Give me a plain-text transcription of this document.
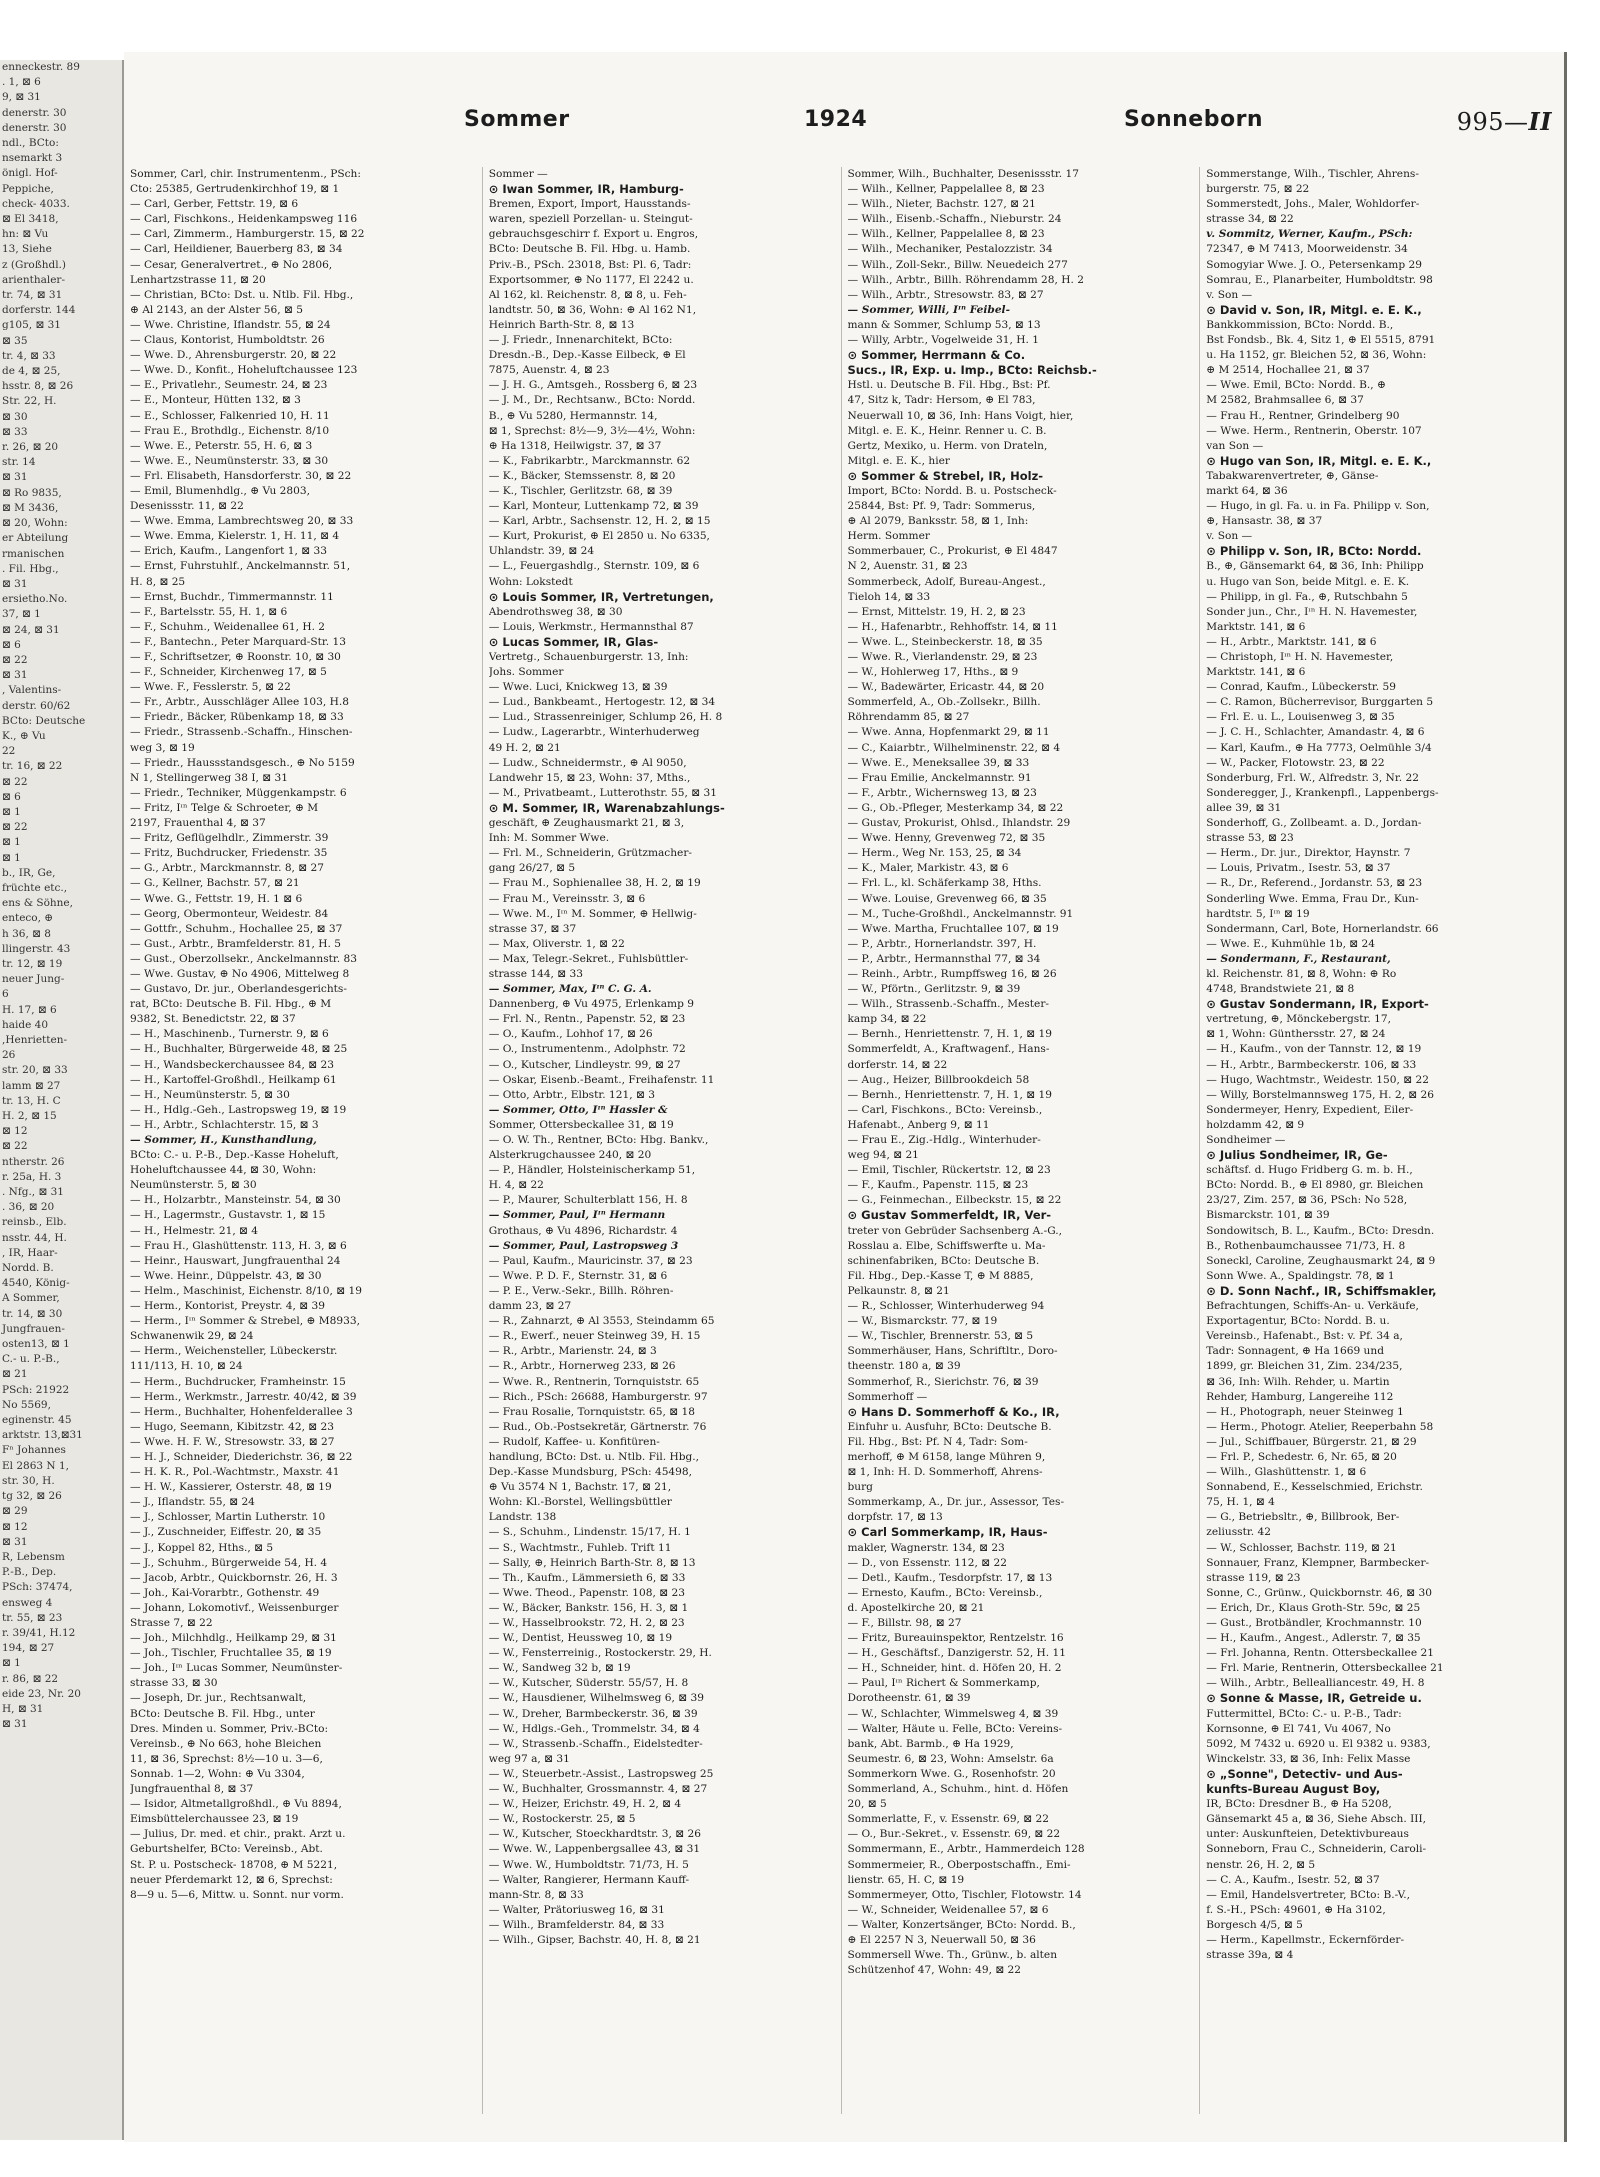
enneckestr. 89
. 1, ⊠ 6
9, ⊠ 31
denerstr. 30
denerstr. 30
ndl., BCto:
nsemarkt 3
önigl. Hof-
Peppiche,
check- 4033.
⊠ El 3418,
hn: ⊠ Vu
13, Siehe
z (Großhdl.)
arienthaler-
tr. 74, ⊠ 31
dorferstr. 144
g105, ⊠ 31
⊠ 35
tr. 4, ⊠ 33
de 4, ⊠ 25,
hsstr. 8, ⊠ 26
Str. 22, H.
⊠ 30
⊠ 33
r. 26, ⊠ 20
str. 14
⊠ 31
⊠ Ro 9835,
⊠ M 3436,
⊠ 20, Wohn:
er Abteilung
rmanischen
. Fil. Hbg.,
⊠ 31
ersietho.No.
37, ⊠ 1
⊠ 24, ⊠ 31
⊠ 6
⊠ 22
⊠ 31
, Valentins-
derstr. 60/62
BCto: Deutsche
K., ⊕ Vu
22
tr. 16, ⊠ 22
⊠ 22
⊠ 6
⊠ 1
⊠ 22
⊠ 1
⊠ 1
b., IR, Ge,
früchte etc.,
ens & Söhne,
enteco, ⊕
h 36, ⊠ 8
llingerstr. 43
tr. 12, ⊠ 19
neuer Jung-
6
H. 17, ⊠ 6
haide 40
,Henrietten-
26
str. 20, ⊠ 33
lamm ⊠ 27
tr. 13, H. C
H. 2, ⊠ 15
⊠ 12
⊠ 22
ntherstr. 26
r. 25a, H. 3
. Nfg., ⊠ 31
. 36, ⊠ 20
reinsb., Elb.
nsstr. 44, H.
, IR, Haar-
Nordd. B.
4540, König-
A Sommer,
tr. 14, ⊠ 30
Jungfrauen-
osten13, ⊠ 1
C.- u. P.-B.,
⊠ 21
PSch: 21922
No 5569,
eginenstr. 45
arktstr. 13,⊠31
Fⁿ Johannes
El 2863 N 1,
str. 30, H.
tg 32, ⊠ 26
⊠ 29
⊠ 12
⊠ 31
R, Lebensm
P.-B., Dep.
PSch: 37474,
ensweg 4
tr. 55, ⊠ 23
r. 39/41, H.12
194, ⊠ 27
⊠ 1
r. 86, ⊠ 22
eide 23, Nr. 20
H, ⊠ 31
⊠ 31
Sommer	1924	Sonneborn	995—II
Sommer, Carl, chir. Instrumentenm., PSch:
Cto: 25385, Gertrudenkirchhof 19, ⊠ 1
— Carl, Gerber, Fettstr. 19, ⊠ 6
— Carl, Fischkons., Heidenkampsweg 116
— Carl, Zimmerm., Hamburgerstr. 15, ⊠ 22
— Carl, Heildiener, Bauerberg 83, ⊠ 34
— Cesar, Generalvertret., ⊕ No 2806,
Lenhartzstrasse 11, ⊠ 20
— Christian, BCto: Dst. u. Ntlb. Fil. Hbg.,
⊕ Al 2143, an der Alster 56, ⊠ 5
— Wwe. Christine, Iflandstr. 55, ⊠ 24
— Claus, Kontorist, Humboldtstr. 26
— Wwe. D., Ahrensburgerstr. 20, ⊠ 22
— Wwe. D., Konfit., Hoheluftchaussee 123
— E., Privatlehr., Seumestr. 24, ⊠ 23
— E., Monteur, Hütten 132, ⊠ 3
— E., Schlosser, Falkenried 10, H. 11
— Frau E., Brothdlg., Eichenstr. 8/10
— Wwe. E., Peterstr. 55, H. 6, ⊠ 3
— Wwe. E., Neumünsterstr. 33, ⊠ 30
— Frl. Elisabeth, Hansdorferstr. 30, ⊠ 22
— Emil, Blumenhdlg., ⊕ Vu 2803,
Desenissstr. 11, ⊠ 22
— Wwe. Emma, Lambrechtsweg 20, ⊠ 33
— Wwe. Emma, Kielerstr. 1, H. 11, ⊠ 4
— Erich, Kaufm., Langenfort 1, ⊠ 33
— Ernst, Fuhrstuhlf., Anckelmannstr. 51,
H. 8, ⊠ 25
— Ernst, Buchdr., Timmermannstr. 11
— F., Bartelsstr. 55, H. 1, ⊠ 6
— F., Schuhm., Weidenallee 61, H. 2
— F., Bantechn., Peter Marquard-Str. 13
— F., Schriftsetzer, ⊕ Roonstr. 10, ⊠ 30
— F., Schneider, Kirchenweg 17, ⊠ 5
— Wwe. F., Fesslerstr. 5, ⊠ 22
— Fr., Arbtr., Ausschläger Allee 103, H.8
— Friedr., Bäcker, Rübenkamp 18, ⊠ 33
— Friedr., Strassenb.-Schaffn., Hinschen-
weg 3, ⊠ 19
— Friedr., Haussstandsgesch., ⊕ No 5159
N 1, Stellingerweg 38 I, ⊠ 31
— Friedr., Techniker, Müggenkampstr. 6
— Fritz, Iᶦⁿ Telge & Schroeter, ⊕ M
2197, Frauenthal 4, ⊠ 37
— Fritz, Geflügelhdlr., Zimmerstr. 39
— Fritz, Buchdrucker, Friedenstr. 35
— G., Arbtr., Marckmannstr. 8, ⊠ 27
— G., Kellner, Bachstr. 57, ⊠ 21
— Wwe. G., Fettstr. 19, H. 1 ⊠ 6
— Georg, Obermonteur, Weidestr. 84
— Gottfr., Schuhm., Hochallee 25, ⊠ 37
— Gust., Arbtr., Bramfelderstr. 81, H. 5
— Gust., Oberzollsekr., Anckelmannstr. 83
— Wwe. Gustav, ⊕ No 4906, Mittelweg 8
— Gustavo, Dr. jur., Oberlandesgerichts-
rat, BCto: Deutsche B. Fil. Hbg., ⊕ M
9382, St. Benedictstr. 22, ⊠ 37
— H., Maschinenb., Turnerstr. 9, ⊠ 6
— H., Buchhalter, Bürgerweide 48, ⊠ 25
— H., Wandsbeckerchaussee 84, ⊠ 23
— H., Kartoffel-Großhdl., Heilkamp 61
— H., Neumünsterstr. 5, ⊠ 30
— H., Hdlg.-Geh., Lastropsweg 19, ⊠ 19
— H., Arbtr., Schlachterstr. 15, ⊠ 3
— Sommer, H., Kunsthandlung,
BCto: C.- u. P.-B., Dep.-Kasse Hoheluft,
Hoheluftchaussee 44, ⊠ 30, Wohn:
Neumünsterstr. 5, ⊠ 30
— H., Holzarbtr., Mansteinstr. 54, ⊠ 30
— H., Lagermstr., Gustavstr. 1, ⊠ 15
— H., Helmestr. 21, ⊠ 4
— Frau H., Glashüttenstr. 113, H. 3, ⊠ 6
— Heinr., Hauswart, Jungfrauenthal 24
— Wwe. Heinr., Düppelstr. 43, ⊠ 30
— Helm., Maschinist, Eichenstr. 8/10, ⊠ 19
— Herm., Kontorist, Preystr. 4, ⊠ 39
— Herm., Iᶦⁿ Sommer & Strebel, ⊕ M8933,
Schwanenwik 29, ⊠ 24
— Herm., Weichensteller, Lübeckerstr.
111/113, H. 10, ⊠ 24
— Herm., Buchdrucker, Framheinstr. 15
— Herm., Werkmstr., Jarrestr. 40/42, ⊠ 39
— Herm., Buchhalter, Hohenfelderallee 3
— Hugo, Seemann, Kibitzstr. 42, ⊠ 23
— Wwe. H. F. W., Stresowstr. 33, ⊠ 27
— H. J., Schneider, Diederichstr. 36, ⊠ 22
— H. K. R., Pol.-Wachtmstr., Maxstr. 41
— H. W., Kassierer, Osterstr. 48, ⊠ 19
— J., Iflandstr. 55, ⊠ 24
— J., Schlosser, Martin Lutherstr. 10
— J., Zuschneider, Eiffestr. 20, ⊠ 35
— J., Koppel 82, Hths., ⊠ 5
— J., Schuhm., Bürgerweide 54, H. 4
— Jacob, Arbtr., Quickbornstr. 26, H. 3
— Joh., Kai-Vorarbtr., Gothenstr. 49
— Johann, Lokomotivf., Weissenburger
Strasse 7, ⊠ 22
— Joh., Milchhdlg., Heilkamp 29, ⊠ 31
— Joh., Tischler, Fruchtallee 35, ⊠ 19
— Joh., Iᶦⁿ Lucas Sommer, Neumünster-
strasse 33, ⊠ 30
— Joseph, Dr. jur., Rechtsanwalt,
BCto: Deutsche B. Fil. Hbg., unter
Dres. Minden u. Sommer, Priv.-BCto:
Vereinsb., ⊕ No 663, hohe Bleichen
11, ⊠ 36, Sprechst: 8½—10 u. 3—6,
Sonnab. 1—2, Wohn: ⊕ Vu 3304,
Jungfrauenthal 8, ⊠ 37
— Isidor, Altmetallgroßhdl., ⊕ Vu 8894,
Eimsbüttelerchaussee 23, ⊠ 19
— Julius, Dr. med. et chir., prakt. Arzt u.
Geburtshelfer, BCto: Vereinsb., Abt.
St. P. u. Postscheck- 18708, ⊕ M 5221,
neuer Pferdemarkt 12, ⊠ 6, Sprechst:
8—9 u. 5—6, Mittw. u. Sonnt. nur vorm.
Sommer —
⊙ Iwan Sommer, IR, Hamburg-
Bremen, Export, Import, Hausstands-
waren, speziell Porzellan- u. Steingut-
gebrauchsgeschirr f. Export u. Engros,
BCto: Deutsche B. Fil. Hbg. u. Hamb.
Priv.-B., PSch. 23018, Bst: Pl. 6, Tadr:
Exportsommer, ⊕ No 1177, El 2242 u.
Al 162, kl. Reichenstr. 8, ⊠ 8, u. Feh-
landtstr. 50, ⊠ 36, Wohn: ⊕ Al 162 N1,
Heinrich Barth-Str. 8, ⊠ 13
— J. Friedr., Innenarchitekt, BCto:
Dresdn.-B., Dep.-Kasse Eilbeck, ⊕ El
7875, Auenstr. 4, ⊠ 23
— J. H. G., Amtsgeh., Rossberg 6, ⊠ 23
— J. M., Dr., Rechtsanw., BCto: Nordd.
B., ⊕ Vu 5280, Hermannstr. 14,
⊠ 1, Sprechst: 8½—9, 3½—4½, Wohn:
⊕ Ha 1318, Heilwigstr. 37, ⊠ 37
— K., Fabrikarbtr., Marckmannstr. 62
— K., Bäcker, Stemssenstr. 8, ⊠ 20
— K., Tischler, Gerlitzstr. 68, ⊠ 39
— Karl, Monteur, Luttenkamp 72, ⊠ 39
— Karl, Arbtr., Sachsenstr. 12, H. 2, ⊠ 15
— Kurt, Prokurist, ⊕ El 2850 u. No 6335,
Uhlandstr. 39, ⊠ 24
— L., Feuergashdlg., Sternstr. 109, ⊠ 6
Wohn: Lokstedt
⊙ Louis Sommer, IR, Vertretungen,
Abendrothsweg 38, ⊠ 30
— Louis, Werkmstr., Hermannsthal 87
⊙ Lucas Sommer, IR, Glas-
Vertretg., Schauenburgerstr. 13, Inh:
Johs. Sommer
— Wwe. Luci, Knickweg 13, ⊠ 39
— Lud., Bankbeamt., Hertogestr. 12, ⊠ 34
— Lud., Strassenreiniger, Schlump 26, H. 8
— Ludw., Lagerarbtr., Winterhuderweg
49 H. 2, ⊠ 21
— Ludw., Schneidermstr., ⊕ Al 9050,
Landwehr 15, ⊠ 23, Wohn: 37, Mths.,
— M., Privatbeamt., Lutterothstr. 55, ⊠ 31
⊙ M. Sommer, IR, Warenabzahlungs-
geschäft, ⊕ Zeughausmarkt 21, ⊠ 3,
Inh: M. Sommer Wwe.
— Frl. M., Schneiderin, Grützmacher-
gang 26/27, ⊠ 5
— Frau M., Sophienallee 38, H. 2, ⊠ 19
— Frau M., Vereinsstr. 3, ⊠ 6
— Wwe. M., Iᶦⁿ M. Sommer, ⊕ Hellwig-
strasse 37, ⊠ 37
— Max, Oliverstr. 1, ⊠ 22
— Max, Telegr.-Sekret., Fuhlsbüttler-
strasse 144, ⊠ 33
— Sommer, Max, Iᶦⁿ C. G. A.
Dannenberg, ⊕ Vu 4975, Erlenkamp 9
— Frl. N., Rentn., Papenstr. 52, ⊠ 23
— O., Kaufm., Lohhof 17, ⊠ 26
— O., Instrumentenm., Adolphstr. 72
— O., Kutscher, Lindleystr. 99, ⊠ 27
— Oskar, Eisenb.-Beamt., Freihafenstr. 11
— Otto, Arbtr., Elbstr. 121, ⊠ 3
— Sommer, Otto, Iᶦⁿ Hassler &
Sommer, Ottersbeckallee 31, ⊠ 19
— O. W. Th., Rentner, BCto: Hbg. Bankv.,
Alsterkrugchaussee 240, ⊠ 20
— P., Händler, Holsteinischerkamp 51,
H. 4, ⊠ 22
— P., Maurer, Schulterblatt 156, H. 8
— Sommer, Paul, Iᶦⁿ Hermann
Grothaus, ⊕ Vu 4896, Richardstr. 4
— Sommer, Paul, Lastropsweg 3
— Paul, Kaufm., Mauricinstr. 37, ⊠ 23
— Wwe. P. D. F., Sternstr. 31, ⊠ 6
— P. E., Verw.-Sekr., Billh. Röhren-
damm 23, ⊠ 27
— R., Zahnarzt, ⊕ Al 3553, Steindamm 65
— R., Ewerf., neuer Steinweg 39, H. 15
— R., Arbtr., Marienstr. 24, ⊠ 3
— R., Arbtr., Hornerweg 233, ⊠ 26
— Wwe. R., Rentnerin, Tornquiststr. 65
— Rich., PSch: 26688, Hamburgerstr. 97
— Frau Rosalie, Tornquiststr. 65, ⊠ 18
— Rud., Ob.-Postsekretär, Gärtnerstr. 76
— Rudolf, Kaffee- u. Konfitüren-
handlung, BCto: Dst. u. Ntlb. Fil. Hbg.,
Dep.-Kasse Mundsburg, PSch: 45498,
⊕ Vu 3574 N 1, Bachstr. 17, ⊠ 21,
Wohn: Kl.-Borstel, Wellingsbüttler
Landstr. 138
— S., Schuhm., Lindenstr. 15/17, H. 1
— S., Wachtmstr., Fuhleb. Trift 11
— Sally, ⊕, Heinrich Barth-Str. 8, ⊠ 13
— Th., Kaufm., Lämmersieth 6, ⊠ 33
— Wwe. Theod., Papenstr. 108, ⊠ 23
— W., Bäcker, Bankstr. 156, H. 3, ⊠ 1
— W., Hasselbrookstr. 72, H. 2, ⊠ 23
— W., Dentist, Heussweg 10, ⊠ 19
— W., Fensterreinig., Rostockerstr. 29, H.
— W., Sandweg 32 b, ⊠ 19
— W., Kutscher, Süderstr. 55/57, H. 8
— W., Hausdiener, Wilhelmsweg 6, ⊠ 39
— W., Dreher, Barmbeckerstr. 36, ⊠ 39
— W., Hdlgs.-Geh., Trommelstr. 34, ⊠ 4
— W., Strassenb.-Schaffn., Eidelstedter-
weg 97 a, ⊠ 31
— W., Steuerbetr.-Assist., Lastropsweg 25
— W., Buchhalter, Grossmannstr. 4, ⊠ 27
— W., Heizer, Erichstr. 49, H. 2, ⊠ 4
— W., Rostockerstr. 25, ⊠ 5
— W., Kutscher, Stoeckhardtstr. 3, ⊠ 26
— Wwe. W., Lappenbergsallee 43, ⊠ 31
— Wwe. W., Humboldtstr. 71/73, H. 5
— Walter, Rangierer, Hermann Kauff-
mann-Str. 8, ⊠ 33
— Walter, Prätoriusweg 16, ⊠ 31
— Wilh., Bramfelderstr. 84, ⊠ 33
— Wilh., Gipser, Bachstr. 40, H. 8, ⊠ 21
Sommer, Wilh., Buchhalter, Desenissstr. 17
— Wilh., Kellner, Pappelallee 8, ⊠ 23
— Wilh., Nieter, Bachstr. 127, ⊠ 21
— Wilh., Eisenb.-Schaffn., Nieburstr. 24
— Wilh., Kellner, Pappelallee 8, ⊠ 23
— Wilh., Mechaniker, Pestalozzistr. 34
— Wilh., Zoll-Sekr., Billw. Neuedeich 277
— Wilh., Arbtr., Billh. Röhrendamm 28, H. 2
— Wilh., Arbtr., Stresowstr. 83, ⊠ 27
— Sommer, Willi, Iᶦⁿ Feibel-
mann & Sommer, Schlump 53, ⊠ 13
— Willy, Arbtr., Vogelweide 31, H. 1
⊙ Sommer, Herrmann & Co.
Sucs., IR, Exp. u. Imp., BCto: Reichsb.-
Hstl. u. Deutsche B. Fil. Hbg., Bst: Pf.
47, Sitz k, Tadr: Hersom, ⊕ El 783,
Neuerwall 10, ⊠ 36, Inh: Hans Voigt, hier,
Mitgl. e. E. K., Heinr. Renner u. C. B.
Gertz, Mexiko, u. Herm. von Drateln,
Mitgl. e. E. K., hier
⊙ Sommer & Strebel, IR, Holz-
Import, BCto: Nordd. B. u. Postscheck-
25844, Bst: Pf. 9, Tadr: Sommerus,
⊕ Al 2079, Banksstr. 58, ⊠ 1, Inh:
Herm. Sommer
Sommerbauer, C., Prokurist, ⊕ El 4847
N 2, Auenstr. 31, ⊠ 23
Sommerbeck, Adolf, Bureau-Angest.,
Tieloh 14, ⊠ 33
— Ernst, Mittelstr. 19, H. 2, ⊠ 23
— H., Hafenarbtr., Rehhoffstr. 14, ⊠ 11
— Wwe. L., Steinbeckerstr. 18, ⊠ 35
— Wwe. R., Vierlandenstr. 29, ⊠ 23
— W., Hohlerweg 17, Hths., ⊠ 9
— W., Badewärter, Ericastr. 44, ⊠ 20
Sommerfeld, A., Ob.-Zollsekr., Billh.
Röhrendamm 85, ⊠ 27
— Wwe. Anna, Hopfenmarkt 29, ⊠ 11
— C., Kaiarbtr., Wilhelminenstr. 22, ⊠ 4
— Wwe. E., Meneksallee 39, ⊠ 33
— Frau Emilie, Anckelmannstr. 91
— F., Arbtr., Wichernsweg 13, ⊠ 23
— G., Ob.-Pfleger, Mesterkamp 34, ⊠ 22
— Gustav, Prokurist, Ohlsd., Ihlandstr. 29
— Wwe. Henny, Grevenweg 72, ⊠ 35
— Herm., Weg Nr. 153, 25, ⊠ 34
— K., Maler, Markistr. 43, ⊠ 6
— Frl. L., kl. Schäferkamp 38, Hths.
— Wwe. Louise, Grevenweg 66, ⊠ 35
— M., Tuche-Großhdl., Anckelmannstr. 91
— Wwe. Martha, Fruchtallee 107, ⊠ 19
— P., Arbtr., Hornerlandstr. 397, H.
— P., Arbtr., Hermannsthal 77, ⊠ 34
— Reinh., Arbtr., Rumpffsweg 16, ⊠ 26
— W., Pförtn., Gerlitzstr. 9, ⊠ 39
— Wilh., Strassenb.-Schaffn., Mester-
kamp 34, ⊠ 22
— Bernh., Henriettenstr. 7, H. 1, ⊠ 19
Sommerfeldt, A., Kraftwagenf., Hans-
dorferstr. 14, ⊠ 22
— Aug., Heizer, Billbrookdeich 58
— Bernh., Henriettenstr. 7, H. 1, ⊠ 19
— Carl, Fischkons., BCto: Vereinsb.,
Hafenabt., Anberg 9, ⊠ 11
— Frau E., Zig.-Hdlg., Winterhuder-
weg 94, ⊠ 21
— Emil, Tischler, Rückertstr. 12, ⊠ 23
— F., Kaufm., Papenstr. 115, ⊠ 23
— G., Feinmechan., Eilbeckstr. 15, ⊠ 22
⊙ Gustav Sommerfeldt, IR, Ver-
treter von Gebrüder Sachsenberg A.-G.,
Rosslau a. Elbe, Schiffswerfte u. Ma-
schinenfabriken, BCto: Deutsche B.
Fil. Hbg., Dep.-Kasse T, ⊕ M 8885,
Pelkaunstr. 8, ⊠ 21
— R., Schlosser, Winterhuderweg 94
— W., Bismarckstr. 77, ⊠ 19
— W., Tischler, Brennerstr. 53, ⊠ 5
Sommerhäuser, Hans, Schriftltr., Doro-
theenstr. 180 a, ⊠ 39
Sommerhof, R., Sierichstr. 76, ⊠ 39
Sommerhoff —
⊙ Hans D. Sommerhoff & Ko., IR,
Einfuhr u. Ausfuhr, BCto: Deutsche B.
Fil. Hbg., Bst: Pf. N 4, Tadr: Som-
merhoff, ⊕ M 6158, lange Mühren 9,
⊠ 1, Inh: H. D. Sommerhoff, Ahrens-
burg
Sommerkamp, A., Dr. jur., Assessor, Tes-
dorpfstr. 17, ⊠ 13
⊙ Carl Sommerkamp, IR, Haus-
makler, Wagnerstr. 134, ⊠ 23
— D., von Essenstr. 112, ⊠ 22
— Detl., Kaufm., Tesdorpfstr. 17, ⊠ 13
— Ernesto, Kaufm., BCto: Vereinsb.,
d. Apostelkirche 20, ⊠ 21
— F., Billstr. 98, ⊠ 27
— Fritz, Bureauinspektor, Rentzelstr. 16
— H., Geschäftsf., Danzigerstr. 52, H. 11
— H., Schneider, hint. d. Höfen 20, H. 2
— Paul, Iᶦⁿ Richert & Sommerkamp,
Dorotheenstr. 61, ⊠ 39
— W., Schlachter, Wimmelsweg 4, ⊠ 39
— Walter, Häute u. Felle, BCto: Vereins-
bank, Abt. Barmb., ⊕ Ha 1929,
Seumestr. 6, ⊠ 23, Wohn: Amselstr. 6a
Sommerkorn Wwe. G., Rosenhofstr. 20
Sommerland, A., Schuhm., hint. d. Höfen
20, ⊠ 5
Sommerlatte, F., v. Essenstr. 69, ⊠ 22
— O., Bur.-Sekret., v. Essenstr. 69, ⊠ 22
Sommermann, E., Arbtr., Hammerdeich 128
Sommermeier, R., Oberpostschaffn., Emi-
lienstr. 65, H. C, ⊠ 19
Sommermeyer, Otto, Tischler, Flotowstr. 14
— W., Schneider, Weidenallee 57, ⊠ 6
— Walter, Konzertsänger, BCto: Nordd. B.,
⊕ El 2257 N 3, Neuerwall 50, ⊠ 36
Sommersell Wwe. Th., Grünw., b. alten
Schützenhof 47, Wohn: 49, ⊠ 22
Sommerstange, Wilh., Tischler, Ahrens-
burgerstr. 75, ⊠ 22
Sommerstedt, Johs., Maler, Wohldorfer-
strasse 34, ⊠ 22
v. Sommitz, Werner, Kaufm., PSch:
72347, ⊕ M 7413, Moorweidenstr. 34
Somogyiar Wwe. J. O., Petersenkamp 29
Somrau, E., Planarbeiter, Humboldtstr. 98
v. Son —
⊙ David v. Son, IR, Mitgl. e. E. K.,
Bankkommission, BCto: Nordd. B.,
Bst Fondsb., Bk. 4, Sitz 1, ⊕ El 5515, 8791
u. Ha 1152, gr. Bleichen 52, ⊠ 36, Wohn:
⊕ M 2514, Hochallee 21, ⊠ 37
— Wwe. Emil, BCto: Nordd. B., ⊕
M 2582, Brahmsallee 6, ⊠ 37
— Frau H., Rentner, Grindelberg 90
— Wwe. Herm., Rentnerin, Oberstr. 107
van Son —
⊙ Hugo van Son, IR, Mitgl. e. E. K.,
Tabakwarenvertreter, ⊕, Gänse-
markt 64, ⊠ 36
— Hugo, in gl. Fa. u. in Fa. Philipp v. Son,
⊕, Hansastr. 38, ⊠ 37
v. Son —
⊙ Philipp v. Son, IR, BCto: Nordd.
B., ⊕, Gänsemarkt 64, ⊠ 36, Inh: Philipp
u. Hugo van Son, beide Mitgl. e. E. K.
— Philipp, in gl. Fa., ⊕, Rutschbahn 5
Sonder jun., Chr., Iᶦⁿ H. N. Havemester,
Marktstr. 141, ⊠ 6
— H., Arbtr., Marktstr. 141, ⊠ 6
— Christoph, Iᶦⁿ H. N. Havemester,
Marktstr. 141, ⊠ 6
— Conrad, Kaufm., Lübeckerstr. 59
— C. Ramon, Bücherrevisor, Burggarten 5
— Frl. E. u. L., Louisenweg 3, ⊠ 35
— J. C. H., Schlachter, Amandastr. 4, ⊠ 6
— Karl, Kaufm., ⊕ Ha 7773, Oelmühle 3/4
— W., Packer, Flotowstr. 23, ⊠ 22
Sonderburg, Frl. W., Alfredstr. 3, Nr. 22
Sonderegger, J., Krankenpfl., Lappenbergs-
allee 39, ⊠ 31
Sonderhoff, G., Zollbeamt. a. D., Jordan-
strasse 53, ⊠ 23
— Herm., Dr. jur., Direktor, Haynstr. 7
— Louis, Privatm., Isestr. 53, ⊠ 37
— R., Dr., Referend., Jordanstr. 53, ⊠ 23
Sonderling Wwe. Emma, Frau Dr., Kun-
hardtstr. 5, Iᶦⁿ ⊠ 19
Sondermann, Carl, Bote, Hornerlandstr. 66
— Wwe. E., Kuhmühle 1b, ⊠ 24
— Sondermann, F., Restaurant,
kl. Reichenstr. 81, ⊠ 8, Wohn: ⊕ Ro
4748, Brandstwiete 21, ⊠ 8
⊙ Gustav Sondermann, IR, Export-
vertretung, ⊕, Mönckebergstr. 17,
⊠ 1, Wohn: Günthersstr. 27, ⊠ 24
— H., Kaufm., von der Tannstr. 12, ⊠ 19
— H., Arbtr., Barmbeckerstr. 106, ⊠ 33
— Hugo, Wachtmstr., Weidestr. 150, ⊠ 22
— Willy, Borstelmannsweg 175, H. 2, ⊠ 26
Sondermeyer, Henry, Expedient, Eiler-
holzdamm 42, ⊠ 9
Sondheimer —
⊙ Julius Sondheimer, IR, Ge-
schäftsf. d. Hugo Fridberg G. m. b. H.,
BCto: Nordd. B., ⊕ El 8980, gr. Bleichen
23/27, Zim. 257, ⊠ 36, PSch: No 528,
Bismarckstr. 101, ⊠ 39
Sondowitsch, B. L., Kaufm., BCto: Dresdn.
B., Rothenbaumchaussee 71/73, H. 8
Soneckl, Caroline, Zeughausmarkt 24, ⊠ 9
Sonn Wwe. A., Spaldingstr. 78, ⊠ 1
⊙ D. Sonn Nachf., IR, Schiffsmakler,
Befrachtungen, Schiffs-An- u. Verkäufe,
Exportagentur, BCto: Nordd. B. u.
Vereinsb., Hafenabt., Bst: v. Pf. 34 a,
Tadr: Sonnagent, ⊕ Ha 1669 und
1899, gr. Bleichen 31, Zim. 234/235,
⊠ 36, Inh: Wilh. Rehder, u. Martin
Rehder, Hamburg, Langereihe 112
— H., Photograph, neuer Steinweg 1
— Herm., Photogr. Atelier, Reeperbahn 58
— Jul., Schiffbauer, Bürgerstr. 21, ⊠ 29
— Frl. P., Schedestr. 6, Nr. 65, ⊠ 20
— Wilh., Glashüttenstr. 1, ⊠ 6
Sonnabend, E., Kesselschmied, Erichstr.
75, H. 1, ⊠ 4
— G., Betriebsltr., ⊕, Billbrook, Ber-
zeliusstr. 42
— W., Schlosser, Bachstr. 119, ⊠ 21
Sonnauer, Franz, Klempner, Barmbecker-
strasse 119, ⊠ 23
Sonne, C., Grünw., Quickbornstr. 46, ⊠ 30
— Erich, Dr., Klaus Groth-Str. 59c, ⊠ 25
— Gust., Brotbändler, Krochmannstr. 10
— H., Kaufm., Angest., Adlerstr. 7, ⊠ 35
— Frl. Johanna, Rentn. Ottersbeckallee 21
— Frl. Marie, Rentnerin, Ottersbeckallee 21
— Wilh., Arbtr., Bellealliancestr. 49, H. 8
⊙ Sonne & Masse, IR, Getreide u.
Futtermittel, BCto: C.- u. P.-B., Tadr:
Kornsonne, ⊕ El 741, Vu 4067, No
5092, M 7432 u. 6920 u. El 9382 u. 9383,
Winckelstr. 33, ⊠ 36, Inh: Felix Masse
⊙ „Sonne", Detectiv- und Aus-
kunfts-Bureau August Boy,
IR, BCto: Dresdner B., ⊕ Ha 5208,
Gänsemarkt 45 a, ⊠ 36, Siehe Absch. III,
unter: Auskunfteien, Detektivbureaus
Sonneborn, Frau C., Schneiderin, Caroli-
nenstr. 26, H. 2, ⊠ 5
— C. A., Kaufm., Isestr. 52, ⊠ 37
— Emil, Handelsvertreter, BCto: B.-V.,
f. S.-H., PSch: 49601, ⊕ Ha 3102,
Borgesch 4/5, ⊠ 5
— Herm., Kapellmstr., Eckernförder-
strasse 39a, ⊠ 4
